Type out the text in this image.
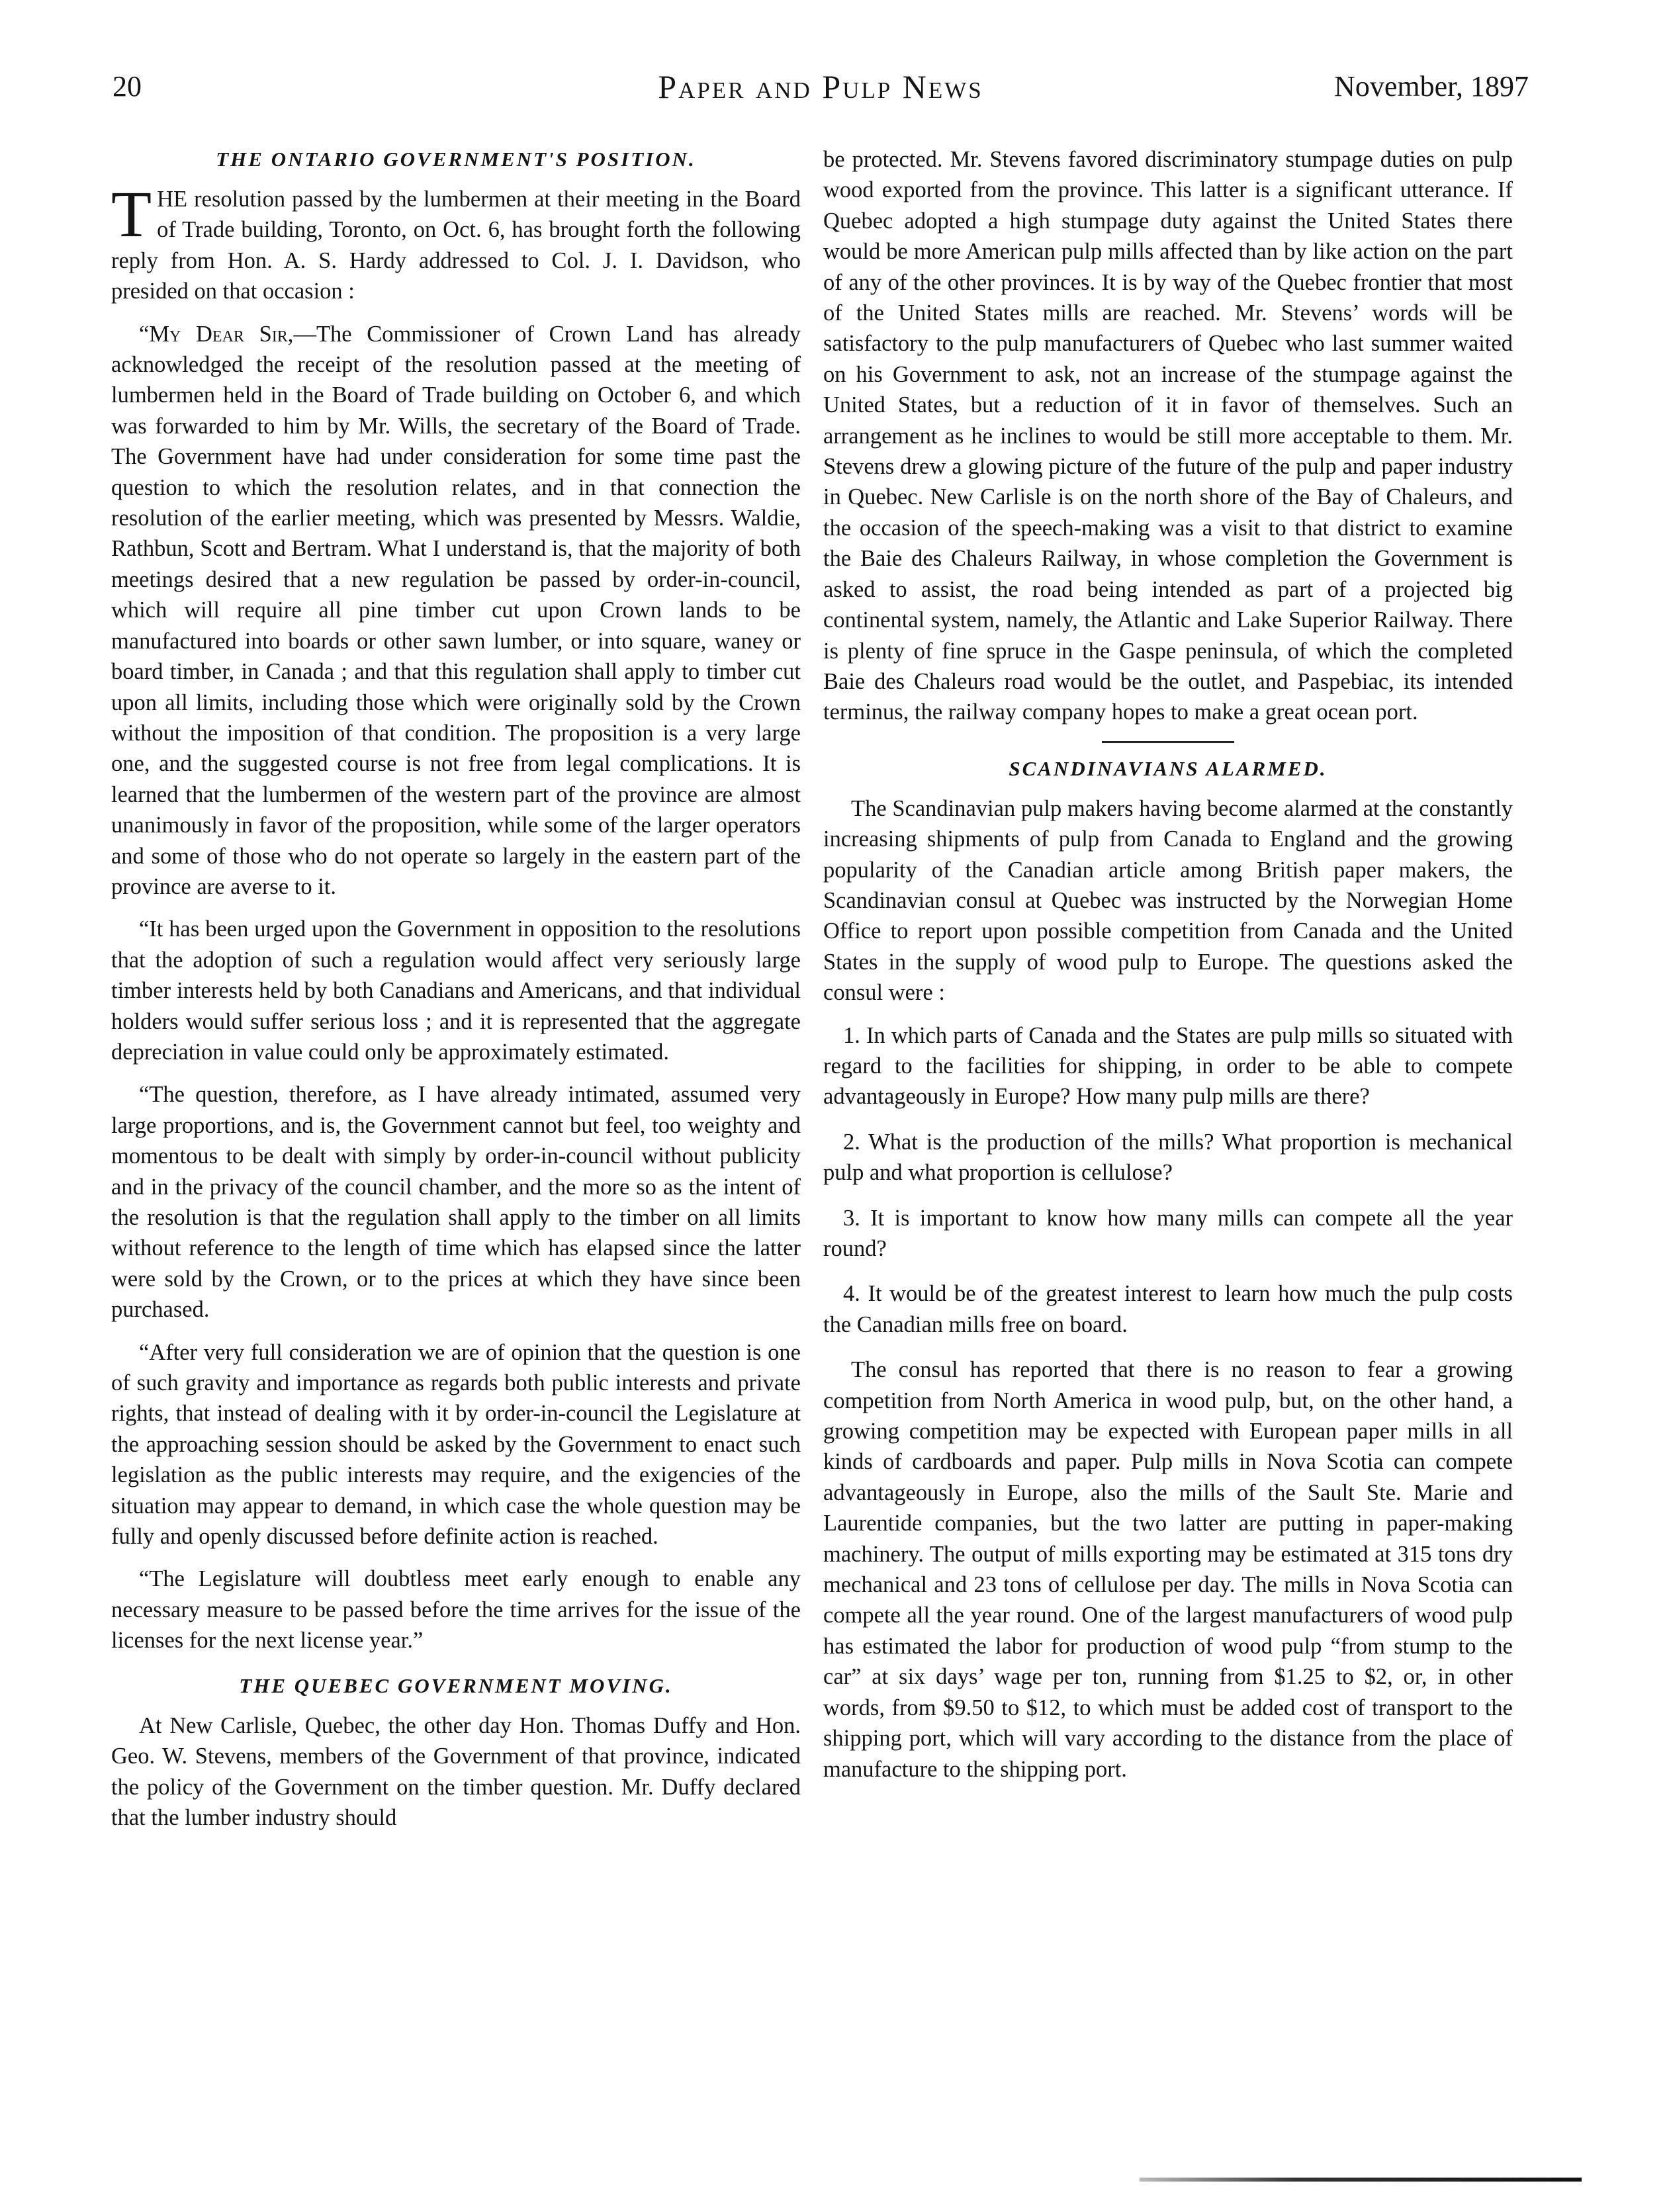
20	Paper and Pulp News	November, 1897
THE ONTARIO GOVERNMENT'S POSITION.

THE resolution passed by the lumbermen at their meeting in the Board of Trade building, Toronto, on Oct. 6, has brought forth the following reply from Hon. A. S. Hardy addressed to Col. J. I. Davidson, who presided on that occasion :

“My Dear Sir,—The Commissioner of Crown Land has already acknowledged the receipt of the resolution passed at the meeting of lumbermen held in the Board of Trade building on October 6, and which was forwarded to him by Mr. Wills, the secretary of the Board of Trade. The Government have had under consideration for some time past the question to which the resolution relates, and in that connection the resolution of the earlier meeting, which was presented by Messrs. Waldie, Rathbun, Scott and Bertram. What I understand is, that the majority of both meetings desired that a new regulation be passed by order-in-council, which will require all pine timber cut upon Crown lands to be manufactured into boards or other sawn lumber, or into square, waney or board timber, in Canada ; and that this regulation shall apply to timber cut upon all limits, including those which were originally sold by the Crown without the imposition of that condition. The proposition is a very large one, and the suggested course is not free from legal complications. It is learned that the lumbermen of the western part of the province are almost unanimously in favor of the proposition, while some of the larger operators and some of those who do not operate so largely in the eastern part of the province are averse to it.

“It has been urged upon the Government in opposition to the resolutions that the adoption of such a regulation would affect very seriously large timber interests held by both Canadians and Americans, and that individual holders would suffer serious loss ; and it is represented that the aggregate depreciation in value could only be approximately estimated.

“The question, therefore, as I have already intimated, assumed very large proportions, and is, the Government cannot but feel, too weighty and momentous to be dealt with simply by order-in-council without publicity and in the privacy of the council chamber, and the more so as the intent of the resolution is that the regulation shall apply to the timber on all limits without reference to the length of time which has elapsed since the latter were sold by the Crown, or to the prices at which they have since been purchased.

“After very full consideration we are of opinion that the question is one of such gravity and importance as regards both public interests and private rights, that instead of dealing with it by order-in-council the Legislature at the approaching session should be asked by the Government to enact such legislation as the public interests may require, and the exigencies of the situation may appear to demand, in which case the whole question may be fully and openly discussed before definite action is reached.

“The Legislature will doubtless meet early enough to enable any necessary measure to be passed before the time arrives for the issue of the licenses for the next license year.”

THE QUEBEC GOVERNMENT MOVING.

At New Carlisle, Quebec, the other day Hon. Thomas Duffy and Hon. Geo. W. Stevens, members of the Government of that province, indicated the policy of the Government on the timber question. Mr. Duffy declared that the lumber industry should

be protected. Mr. Stevens favored discriminatory stumpage duties on pulp wood exported from the province. This latter is a significant utterance. If Quebec adopted a high stumpage duty against the United States there would be more American pulp mills affected than by like action on the part of any of the other provinces. It is by way of the Quebec frontier that most of the United States mills are reached. Mr. Stevens’ words will be satisfactory to the pulp manufacturers of Quebec who last summer waited on his Government to ask, not an increase of the stumpage against the United States, but a reduction of it in favor of themselves. Such an arrangement as he inclines to would be still more acceptable to them. Mr. Stevens drew a glowing picture of the future of the pulp and paper industry in Quebec. New Carlisle is on the north shore of the Bay of Chaleurs, and the occasion of the speech-making was a visit to that district to examine the Baie des Chaleurs Railway, in whose completion the Government is asked to assist, the road being intended as part of a projected big continental system, namely, the Atlantic and Lake Superior Railway. There is plenty of fine spruce in the Gaspe peninsula, of which the completed Baie des Chaleurs road would be the outlet, and Paspebiac, its intended terminus, the railway company hopes to make a great ocean port.

SCANDINAVIANS ALARMED.

The Scandinavian pulp makers having become alarmed at the constantly increasing shipments of pulp from Canada to England and the growing popularity of the Canadian article among British paper makers, the Scandinavian consul at Quebec was instructed by the Norwegian Home Office to report upon possible competition from Canada and the United States in the supply of wood pulp to Europe. The questions asked the consul were :

1. In which parts of Canada and the States are pulp mills so situated with regard to the facilities for shipping, in order to be able to compete advantageously in Europe? How many pulp mills are there?

2. What is the production of the mills? What proportion is mechanical pulp and what proportion is cellulose?

3. It is important to know how many mills can compete all the year round?

4. It would be of the greatest interest to learn how much the pulp costs the Canadian mills free on board.

The consul has reported that there is no reason to fear a growing competition from North America in wood pulp, but, on the other hand, a growing competition may be expected with European paper mills in all kinds of cardboards and paper. Pulp mills in Nova Scotia can compete advantageously in Europe, also the mills of the Sault Ste. Marie and Laurentide companies, but the two latter are putting in paper-making machinery. The output of mills exporting may be estimated at 315 tons dry mechanical and 23 tons of cellulose per day. The mills in Nova Scotia can compete all the year round. One of the largest manufacturers of wood pulp has estimated the labor for production of wood pulp “from stump to the car” at six days’ wage per ton, running from $1.25 to $2, or, in other words, from $9.50 to $12, to which must be added cost of transport to the shipping port, which will vary according to the distance from the place of manufacture to the shipping port.
